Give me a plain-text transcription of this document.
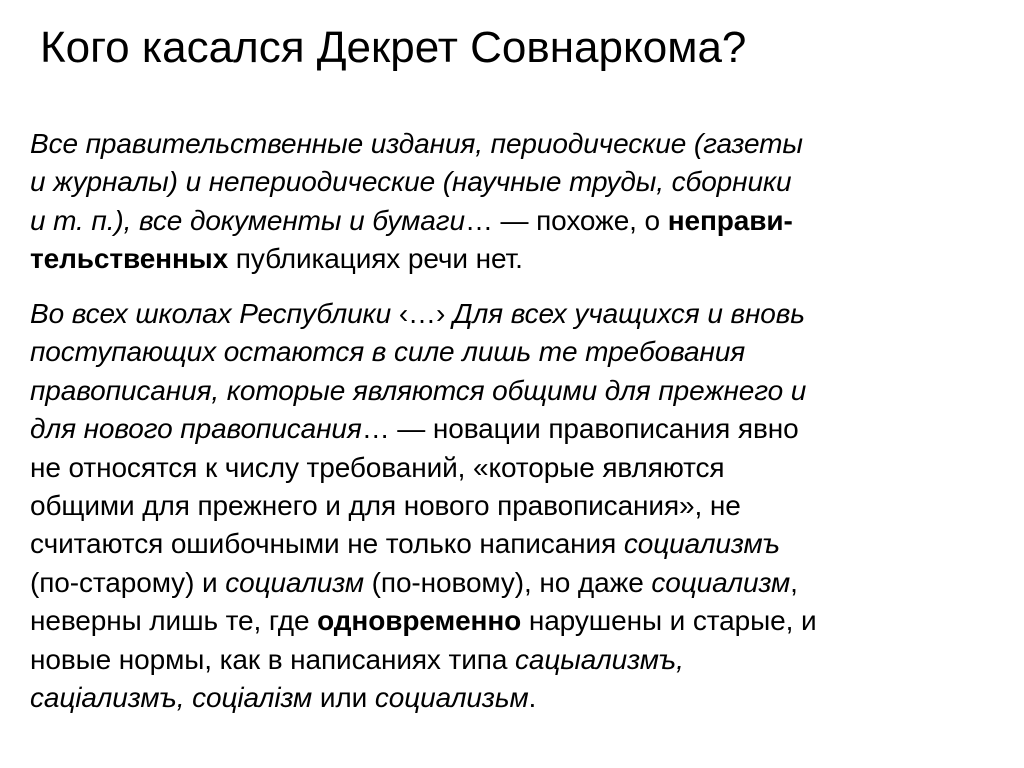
Кого касался Декрет Совнаркома?
Все правительственные издания, периодические (газеты
и журналы) и непериодические (научные труды, сборники
и т. п.), все документы и бумаги… — похоже, о неправи-
тельственных публикациях речи нет.
Во всех школах Республики ‹…› Для всех учащихся и вновь
поступающих остаются в силе лишь те требования
правописания, которые являются общими для прежнего и
для нового правописания… — новации правописания явно
не относятся к числу требований, «которые являются
общими для прежнего и для нового правописания», не
считаются ошибочными не только написания социализмъ
(по-старому) и социализм (по-новому), но даже социализм,
неверны лишь те, где одновременно нарушены и старые, и
новые нормы, как в написаниях типа сацыализмъ,
саціализмъ, соціалізм или социализьм.
